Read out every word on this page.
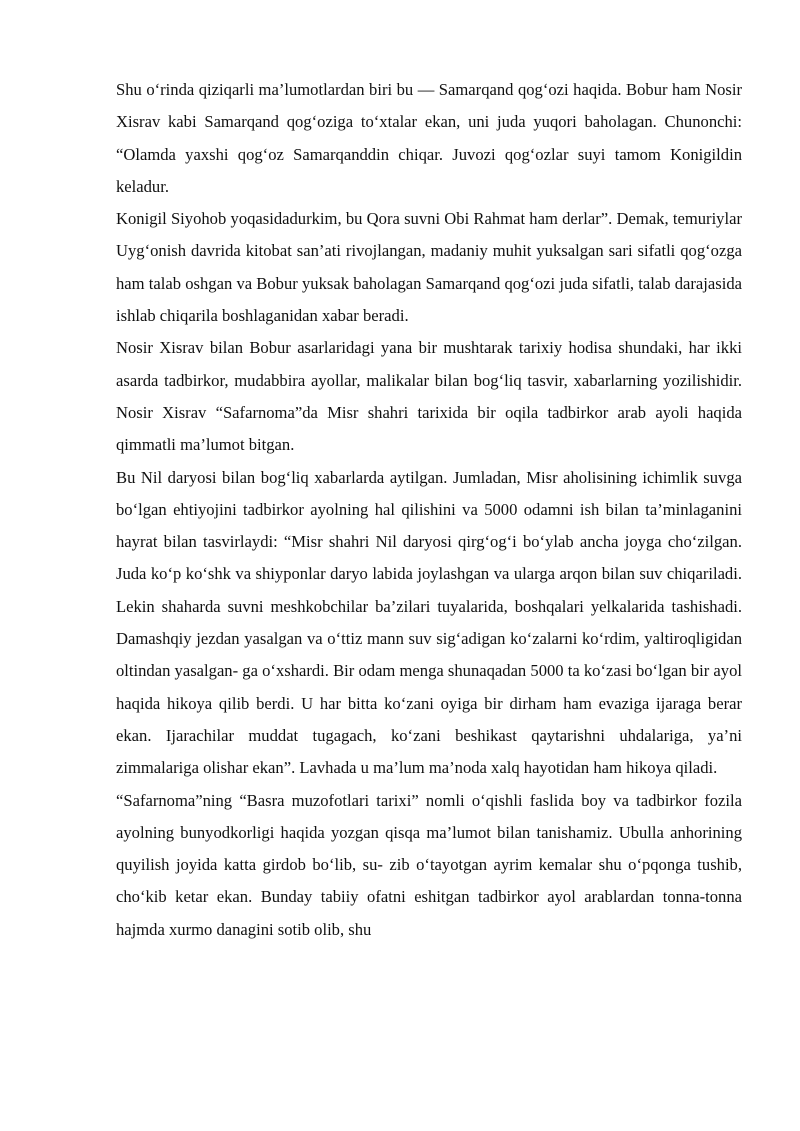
Shu o‘rinda qiziqarli ma’lumotlardan biri bu — Samarqand qog‘ozi haqida. Bobur ham Nosir Xisrav kabi Samarqand qog‘oziga to‘xtalar ekan, uni juda yuqori baholagan. Chunonchi: “Olamda yaxshi qog‘oz Samarqanddin chiqar. Juvozi qog‘ozlar suyi tamom Konigildin keladur.

Konigil Siyohob yoqasidadurkim, bu Qora suvni Obi Rahmat ham derlar”. Demak, temuriylar Uyg‘onish davrida kitobat san’ati rivojlangan, madaniy muhit yuksalgan sari sifatli qog‘ozga ham talab oshgan va Bobur yuksak baholagan Samarqand qog‘ozi juda sifatli, talab darajasida ishlab chiqarila boshlaganidan xabar beradi.

Nosir Xisrav bilan Bobur asarlaridagi yana bir mushtarak tarixiy hodisa shundaki, har ikki asarda tadbirkor, mudabbira ayollar, malikalar bilan bog‘liq tasvir, xabarlarning yozilishidir. Nosir Xisrav “Safarnoma”da Misr shahri tarixida bir oqila tadbirkor arab ayoli haqida qimmatli ma’lumot bitgan.

Bu Nil daryosi bilan bog‘liq xabarlarda aytilgan. Jumladan, Misr aholisining ichimlik suvga bo‘lgan ehtiyojini tadbirkor ayolning hal qilishini va 5000 odamni ish bilan ta’minlaganini hayrat bilan tasvirlaydi: “Misr shahri Nil daryosi qirg‘og‘i bo‘ylab ancha joyga cho‘zilgan. Juda ko‘p ko‘shk va shiyponlar daryo labida joylashgan va ularga arqon bilan suv chiqariladi. Lekin shaharda suvni meshkobchilar ba’zilari tuyalarida, boshqalari yelkalarida tashishadi. Damashqiy jezdan yasalgan va o‘ttiz mann suv sig‘adigan ko‘zalarni ko‘rdim, yaltiroqligidan oltindan yasalgan- ga o‘xshardi. Bir odam menga shunaqadan 5000 ta ko‘zasi bo‘lgan bir ayol haqida hikoya qilib berdi. U har bitta ko‘zani oyiga bir dirham ham evaziga ijaraga berar ekan. Ijarachilar muddat tugagach, ko‘zani beshikast qaytarishni uhdalariga, ya’ni zimmalariga olishar ekan”. Lavhada u ma’lum ma’noda xalq hayotidan ham hikoya qiladi.

“Safarnoma”ning “Basra muzofotlari tarixi” nomli o‘qishli faslida boy va tadbirkor fozila ayolning bunyodkorligi haqida yozgan qisqa ma’lumot bilan tanishamiz. Ubulla anhorining quyilish joyida katta girdob bo‘lib, su- zib o‘tayotgan ayrim kemalar shu o‘pqonga tushib, cho‘kib ketar ekan. Bunday tabiiy ofatni eshitgan tadbirkor ayol arablardan tonna-tonna hajmda xurmo danagini sotib olib, shu
